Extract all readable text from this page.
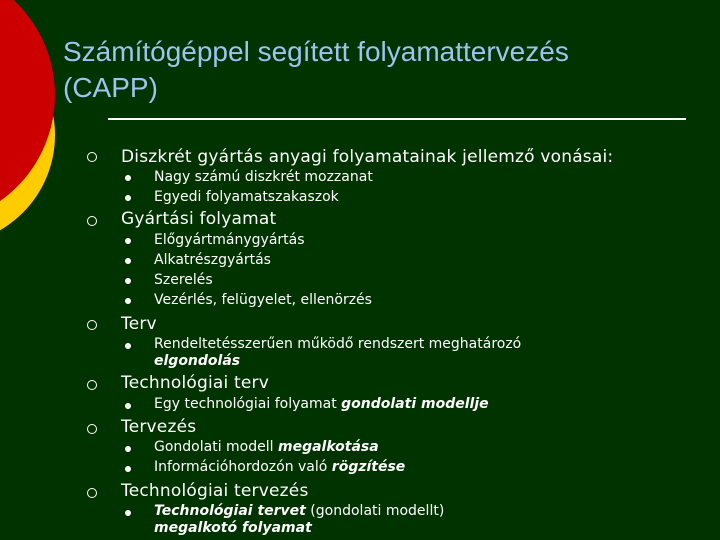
Számítógéppel segített folyamattervezés
(CAPP)
Diszkrét gyártás anyagi folyamatainak jellemző vonásai:
Nagy számú diszkrét mozzanat
Egyedi folyamatszakaszok
Gyártási folyamat
Előgyártmánygyártás
Alkatrészgyártás
Szerelés
Vezérlés, felügyelet, ellenörzés
Terv
Rendeltetésszerűen működő rendszert meghatározó
elgondolás
Technológiai terv
Egy technológiai folyamat gondolati modellje
Tervezés
Gondolati modell megalkotása
Információhordozón való rögzítése
Technológiai tervezés
Technológiai tervet (gondolati modellt)
megalkotó folyamat
